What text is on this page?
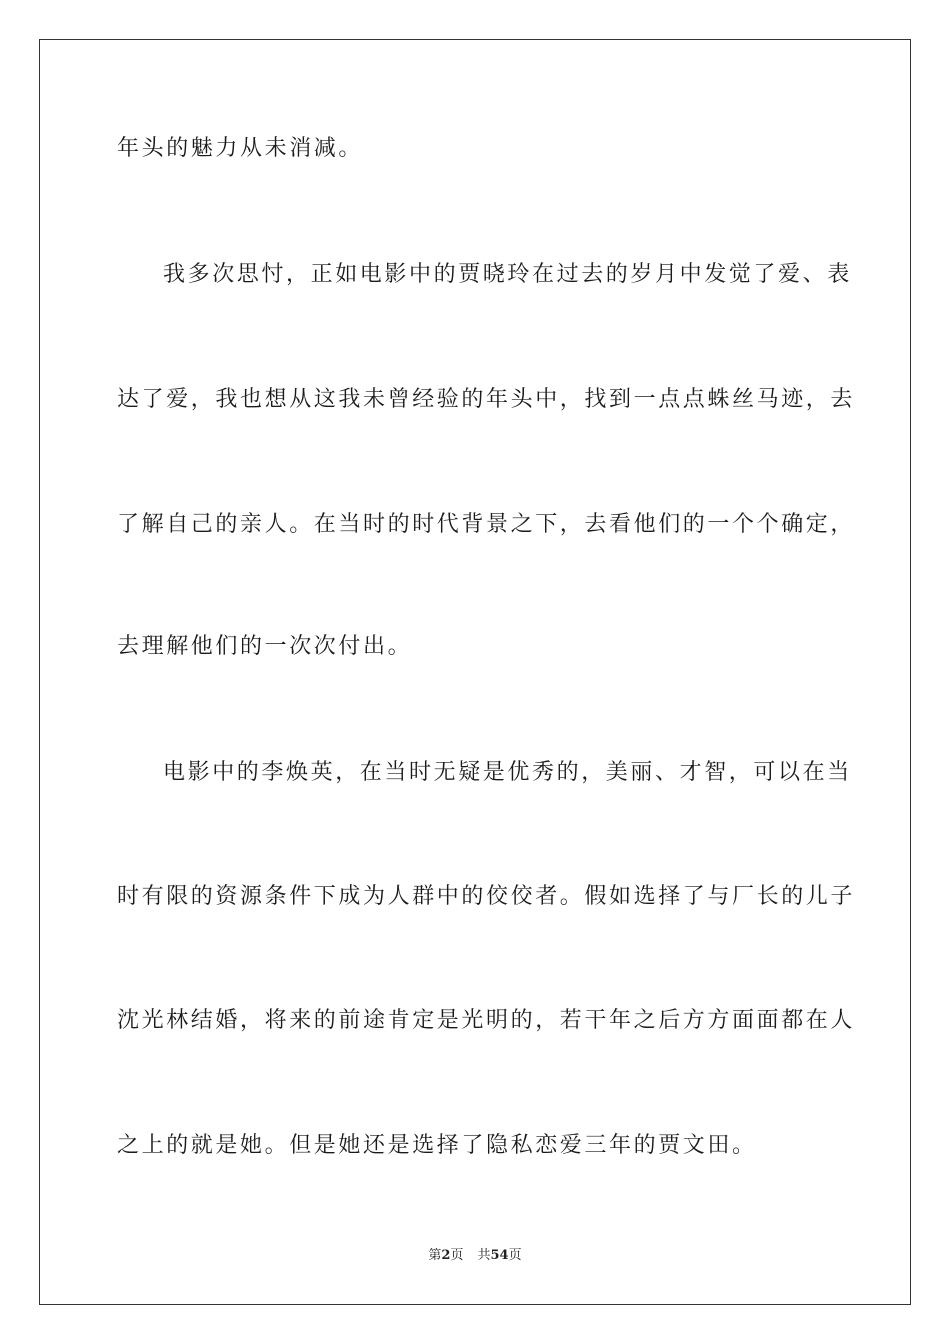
年头的魅力从未消减。
我多次思忖，正如电影中的贾晓玲在过去的岁月中发觉了爱、表
达了爱，我也想从这我未曾经验的年头中，找到一点点蛛丝马迹，去
了解自己的亲人。在当时的时代背景之下，去看他们的一个个确定，
去理解他们的一次次付出。
电影中的李焕英，在当时无疑是优秀的，美丽、才智，可以在当
时有限的资源条件下成为人群中的佼佼者。假如选择了与厂长的儿子
沈光林结婚，将来的前途肯定是光明的，若干年之后方方面面都在人
之上的就是她。但是她还是选择了隐私恋爱三年的贾文田。
第2页 共54页
